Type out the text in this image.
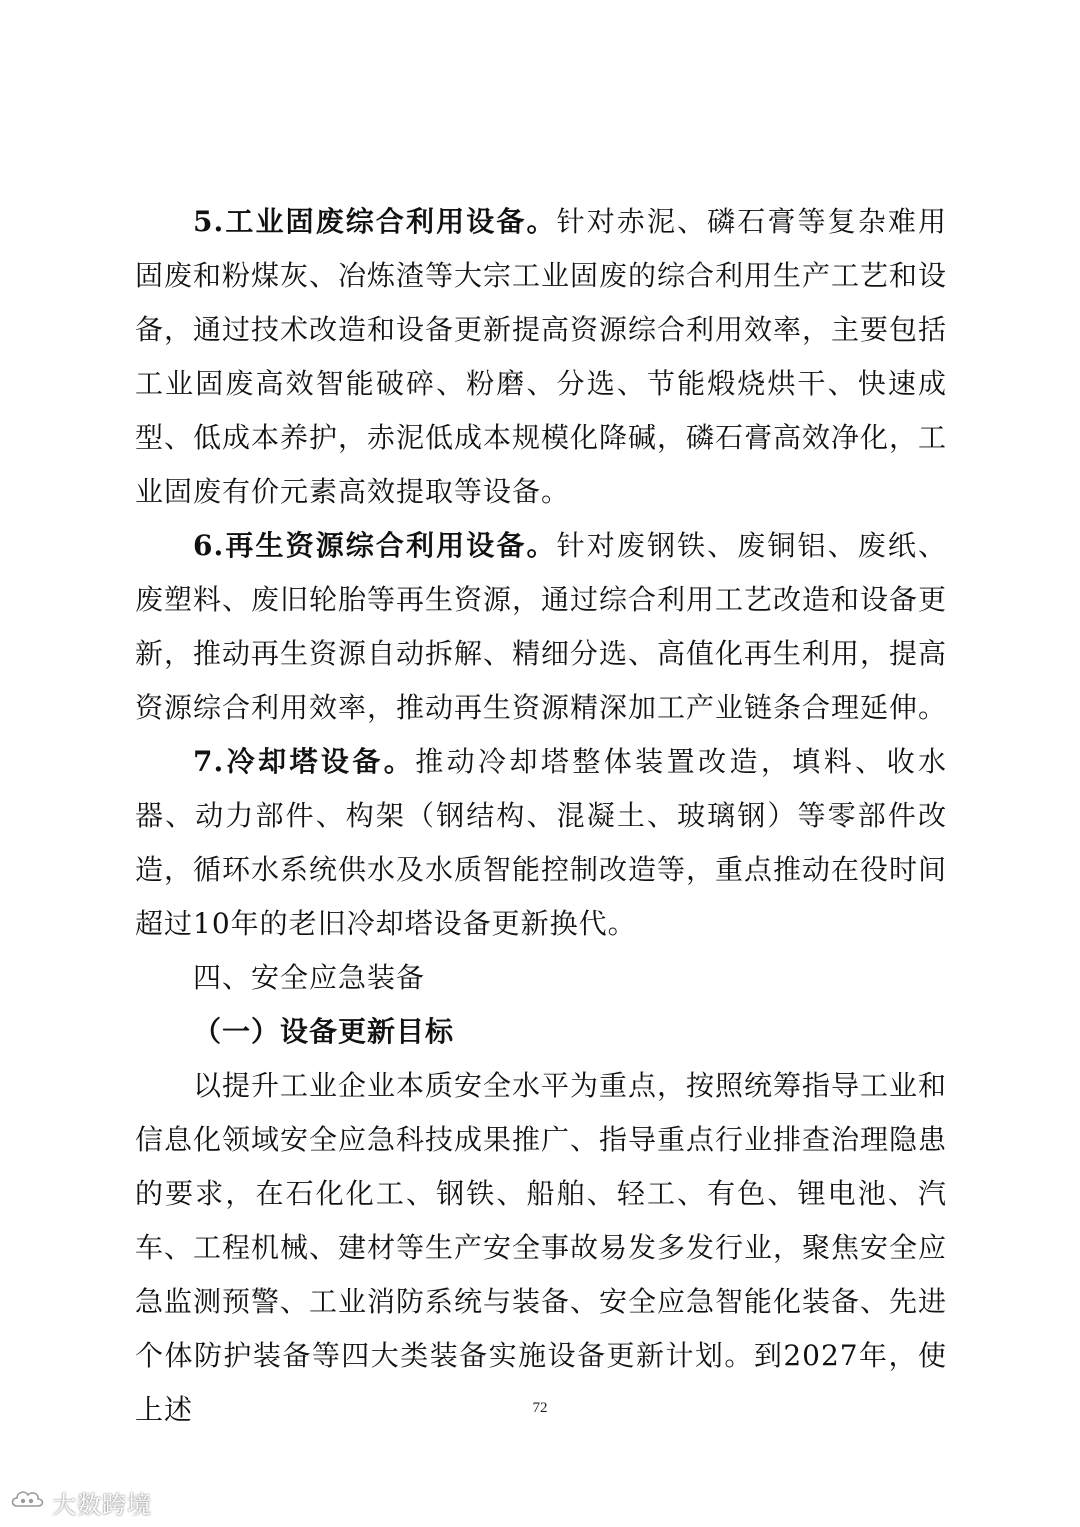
5.工业固废综合利用设备。针对赤泥、磷石膏等复杂难用固废和粉煤灰、冶炼渣等大宗工业固废的综合利用生产工艺和设备，通过技术改造和设备更新提高资源综合利用效率，主要包括工业固废高效智能破碎、粉磨、分选、节能煅烧烘干、快速成型、低成本养护，赤泥低成本规模化降碱，磷石膏高效净化，工业固废有价元素高效提取等设备。

6.再生资源综合利用设备。针对废钢铁、废铜铝、废纸、废塑料、废旧轮胎等再生资源，通过综合利用工艺改造和设备更新，推动再生资源自动拆解、精细分选、高值化再生利用，提高资源综合利用效率，推动再生资源精深加工产业链条合理延伸。

7.冷却塔设备。推动冷却塔整体装置改造，填料、收水器、动力部件、构架（钢结构、混凝土、玻璃钢）等零部件改造，循环水系统供水及水质智能控制改造等，重点推动在役时间超过10年的老旧冷却塔设备更新换代。

四、安全应急装备

（一）设备更新目标

以提升工业企业本质安全水平为重点，按照统筹指导工业和信息化领域安全应急科技成果推广、指导重点行业排查治理隐患的要求，在石化化工、钢铁、船舶、轻工、有色、锂电池、汽车、工程机械、建材等生产安全事故易发多发行业，聚焦安全应急监测预警、工业消防系统与装备、安全应急智能化装备、先进个体防护装备等四大类装备实施设备更新计划。到2027年，使上述	72
大数跨境
